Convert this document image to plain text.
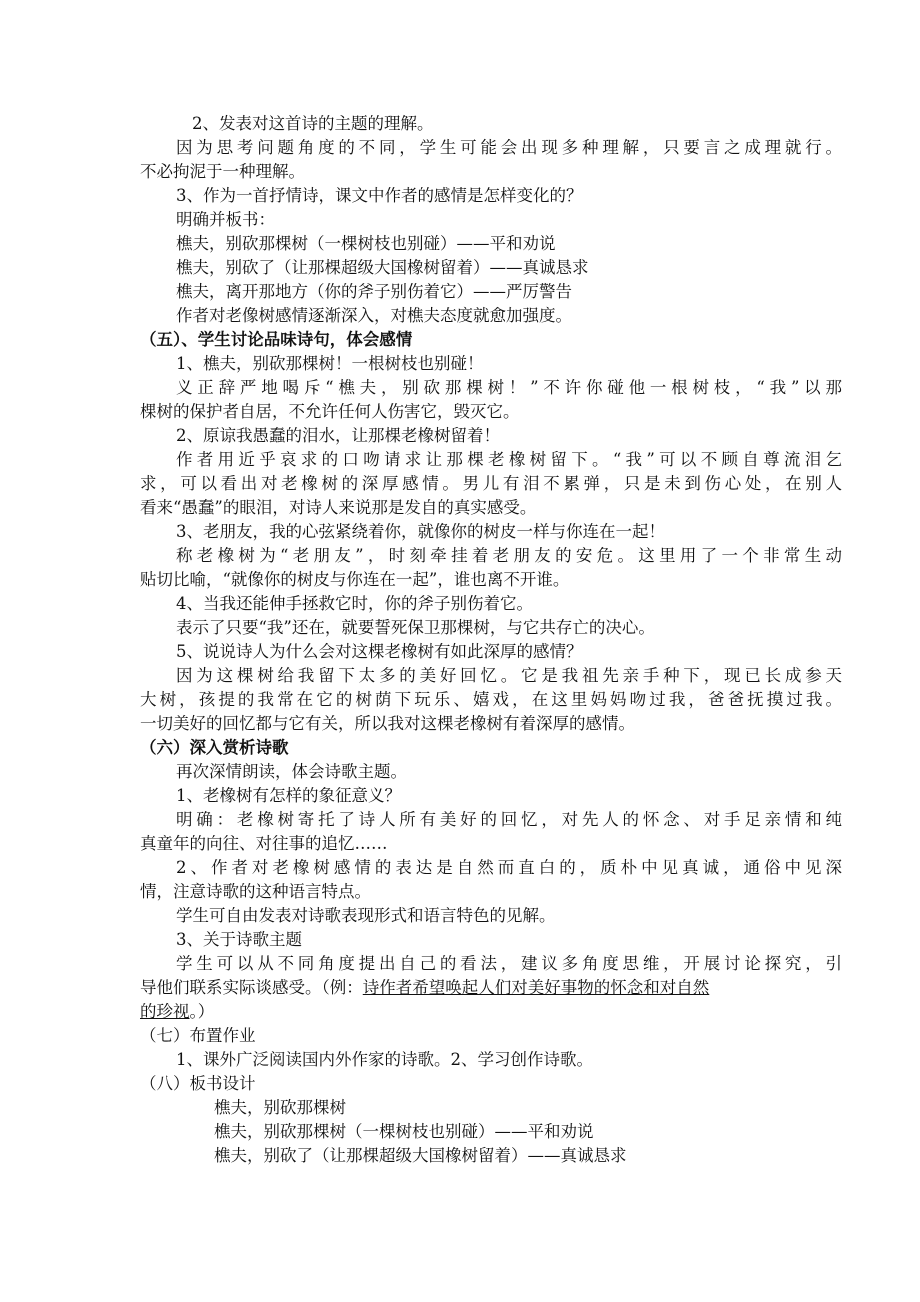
2、发表对这首诗的主题的理解。
因为思考问题角度的不同，学生可能会出现多种理解，只要言之成理就行。
不必拘泥于一种理解。
3、作为一首抒情诗，课文中作者的感情是怎样变化的？
明确并板书：
樵夫，别砍那棵树（一棵树枝也别碰）——平和劝说
樵夫，别砍了（让那棵超级大国橡树留着）——真诚恳求
樵夫，离开那地方（你的斧子别伤着它）——严厉警告
作者对老像树感情逐渐深入，对樵夫态度就愈加强度。
（五）、学生讨论品味诗句，体会感情
1、樵夫，别砍那棵树！一根树枝也别碰！
义正辞严地喝斥“樵夫，别砍那棵树！”不许你碰他一根树枝，“我”以那
棵树的保护者自居，不允许任何人伤害它，毁灭它。
2、原谅我愚蠢的泪水，让那棵老橡树留着！
作者用近乎哀求的口吻请求让那棵老橡树留下。“我”可以不顾自尊流泪乞
求，可以看出对老橡树的深厚感情。男儿有泪不累弹，只是未到伤心处，在别人
看来“愚蠢”的眼泪，对诗人来说那是发自的真实感受。
3、老朋友，我的心弦紧绕着你，就像你的树皮一样与你连在一起！
称老橡树为“老朋友”，时刻牵挂着老朋友的安危。这里用了一个非常生动
贴切比喻，“就像你的树皮与你连在一起”，谁也离不开谁。
4、当我还能伸手拯救它时，你的斧子别伤着它。
表示了只要“我”还在，就要誓死保卫那棵树，与它共存亡的决心。
5、说说诗人为什么会对这棵老橡树有如此深厚的感情？
因为这棵树给我留下太多的美好回忆。它是我祖先亲手种下，现已长成参天
大树，孩提的我常在它的树荫下玩乐、嬉戏，在这里妈妈吻过我，爸爸抚摸过我。
一切美好的回忆都与它有关，所以我对这棵老橡树有着深厚的感情。
（六）深入赏析诗歌
再次深情朗读，体会诗歌主题。
1、老橡树有怎样的象征意义？
明确：老橡树寄托了诗人所有美好的回忆，对先人的怀念、对手足亲情和纯
真童年的向往、对往事的追忆……
2、作者对老橡树感情的表达是自然而直白的，质朴中见真诚，通俗中见深
情，注意诗歌的这种语言特点。
学生可自由发表对诗歌表现形式和语言特色的见解。
3、关于诗歌主题
学生可以从不同角度提出自己的看法，建议多角度思维，开展讨论探究，引
导他们联系实际谈感受。（例：诗作者希望唤起人们对美好事物的怀念和对自然
的珍视。）
（七）布置作业
1、课外广泛阅读国内外作家的诗歌。2、学习创作诗歌。
（八）板书设计
樵夫，别砍那棵树
樵夫，别砍那棵树（一棵树枝也别碰）——平和劝说
樵夫，别砍了（让那棵超级大国橡树留着）——真诚恳求
